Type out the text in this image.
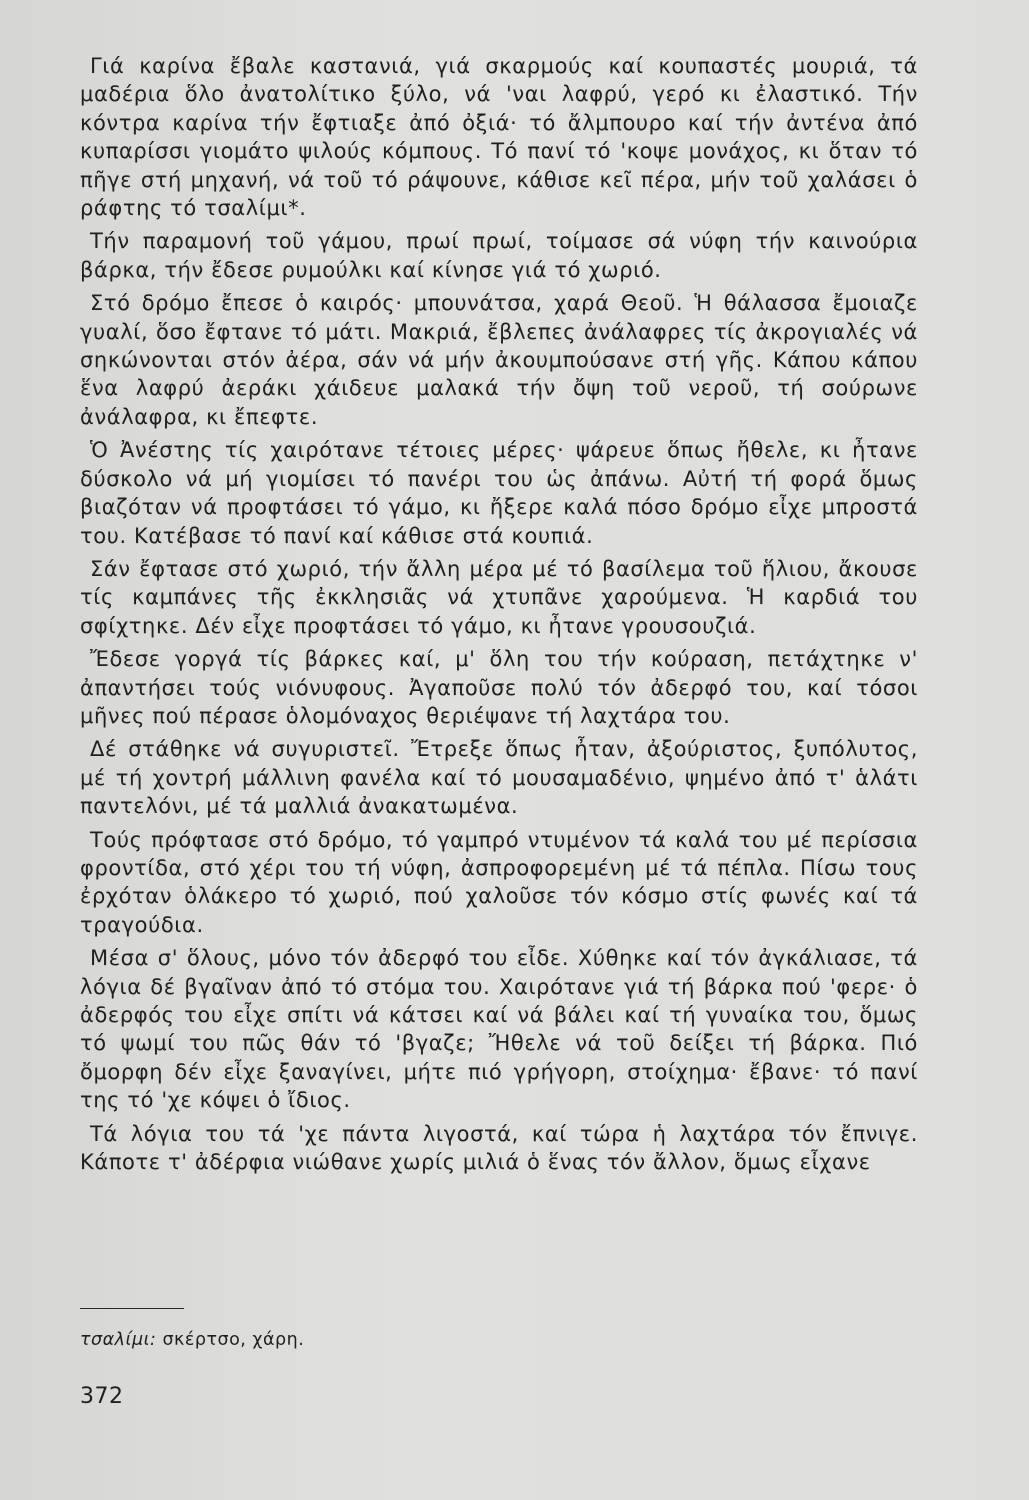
Γιά καρίνα ἔβαλε καστανιά, γιά σκαρμούς καί κουπαστές μουριά, τά μαδέρια ὅλο ἀνατολίτικο ξύλο, νά 'ναι λαφρύ, γερό κι ἐλαστικό. Τήν κόντρα καρίνα τήν ἔφτιαξε ἀπό ὀξιά· τό ἄλμπουρο καί τήν ἀντένα ἀπό κυπαρίσσι γιομάτο ψιλούς κόμπους. Τό πανί τό 'κοψε μονάχος, κι ὅταν τό πῆγε στή μηχανή, νά τοῦ τό ράψουνε, κάθισε κεῖ πέρα, μήν τοῦ χαλάσει ὁ ράφτης τό τσαλίμι*.

Τήν παραμονή τοῦ γάμου, πρωί πρωί, τοίμασε σά νύφη τήν καινούρια βάρκα, τήν ἔδεσε ρυμούλκι καί κίνησε γιά τό χωριό.

Στό δρόμο ἔπεσε ὁ καιρός· μπουνάτσα, χαρά Θεοῦ. Ἡ θάλασσα ἔμοιαζε γυαλί, ὅσο ἔφτανε τό μάτι. Μακριά, ἔβλεπες ἀνάλαφρες τίς ἀκρογιαλές νά σηκώνονται στόν ἀέρα, σάν νά μήν ἀκουμπούσανε στή γῆς. Κάπου κάπου ἕνα λαφρύ ἀεράκι χάιδευε μαλακά τήν ὄψη τοῦ νεροῦ, τή σούρωνε ἀνάλαφρα, κι ἔπεφτε.

Ὁ Ἀνέστης τίς χαιρότανε τέτοιες μέρες· ψάρευε ὅπως ἤθελε, κι ἦτανε δύσκολο νά μή γιομίσει τό πανέρι του ὡς ἀπάνω. Αὐτή τή φορά ὅμως βιαζόταν νά προφτάσει τό γάμο, κι ἤξερε καλά πόσο δρόμο εἶχε μπροστά του. Κατέβασε τό πανί καί κάθισε στά κουπιά.

Σάν ἔφτασε στό χωριό, τήν ἄλλη μέρα μέ τό βασίλεμα τοῦ ἥλιου, ἄκουσε τίς καμπάνες τῆς ἐκκλησιᾶς νά χτυπᾶνε χαρούμενα. Ἡ καρδιά του σφίχτηκε. Δέν εἶχε προφτάσει τό γάμο, κι ἦτανε γρουσουζιά.

Ἔδεσε γοργά τίς βάρκες καί, μ' ὅλη του τήν κούραση, πετάχτηκε ν' ἀπαντήσει τούς νιόνυφους. Ἀγαποῦσε πολύ τόν ἀδερφό του, καί τόσοι μῆνες πού πέρασε ὁλομόναχος θεριέψανε τή λαχτάρα του.

Δέ στάθηκε νά συγυριστεῖ. Ἔτρεξε ὅπως ἦταν, ἀξούριστος, ξυπόλυτος, μέ τή χοντρή μάλλινη φανέλα καί τό μουσαμαδένιο, ψημένο ἀπό τ' ἁλάτι παντελόνι, μέ τά μαλλιά ἀνακατωμένα.

Τούς πρόφτασε στό δρόμο, τό γαμπρό ντυμένον τά καλά του μέ περίσσια φροντίδα, στό χέρι του τή νύφη, ἀσπροφορεμένη μέ τά πέπλα. Πίσω τους ἐρχόταν ὁλάκερο τό χωριό, πού χαλοῦσε τόν κόσμο στίς φωνές καί τά τραγούδια.

Μέσα σ' ὅλους, μόνο τόν ἀδερφό του εἶδε. Χύθηκε καί τόν ἀγκάλιασε, τά λόγια δέ βγαῖναν ἀπό τό στόμα του. Χαιρότανε γιά τή βάρκα πού 'φερε· ὁ ἀδερφός του εἶχε σπίτι νά κάτσει καί νά βάλει καί τή γυναίκα του, ὅμως τό ψωμί του πῶς θάν τό 'βγαζε; Ἤθελε νά τοῦ δείξει τή βάρκα. Πιό ὄμορφη δέν εἶχε ξαναγίνει, μήτε πιό γρήγορη, στοίχημα· ἔβανε· τό πανί της τό 'χε κόψει ὁ ἴδιος.

Τά λόγια του τά 'χε πάντα λιγοστά, καί τώρα ἡ λαχτάρα τόν ἔπνιγε. Κάποτε τ' ἀδέρφια νιώθανε χωρίς μιλιά ὁ ἕνας τόν ἄλλον, ὅμως εἶχανε

τσαλίμι: σκέρτσο, χάρη.
372
